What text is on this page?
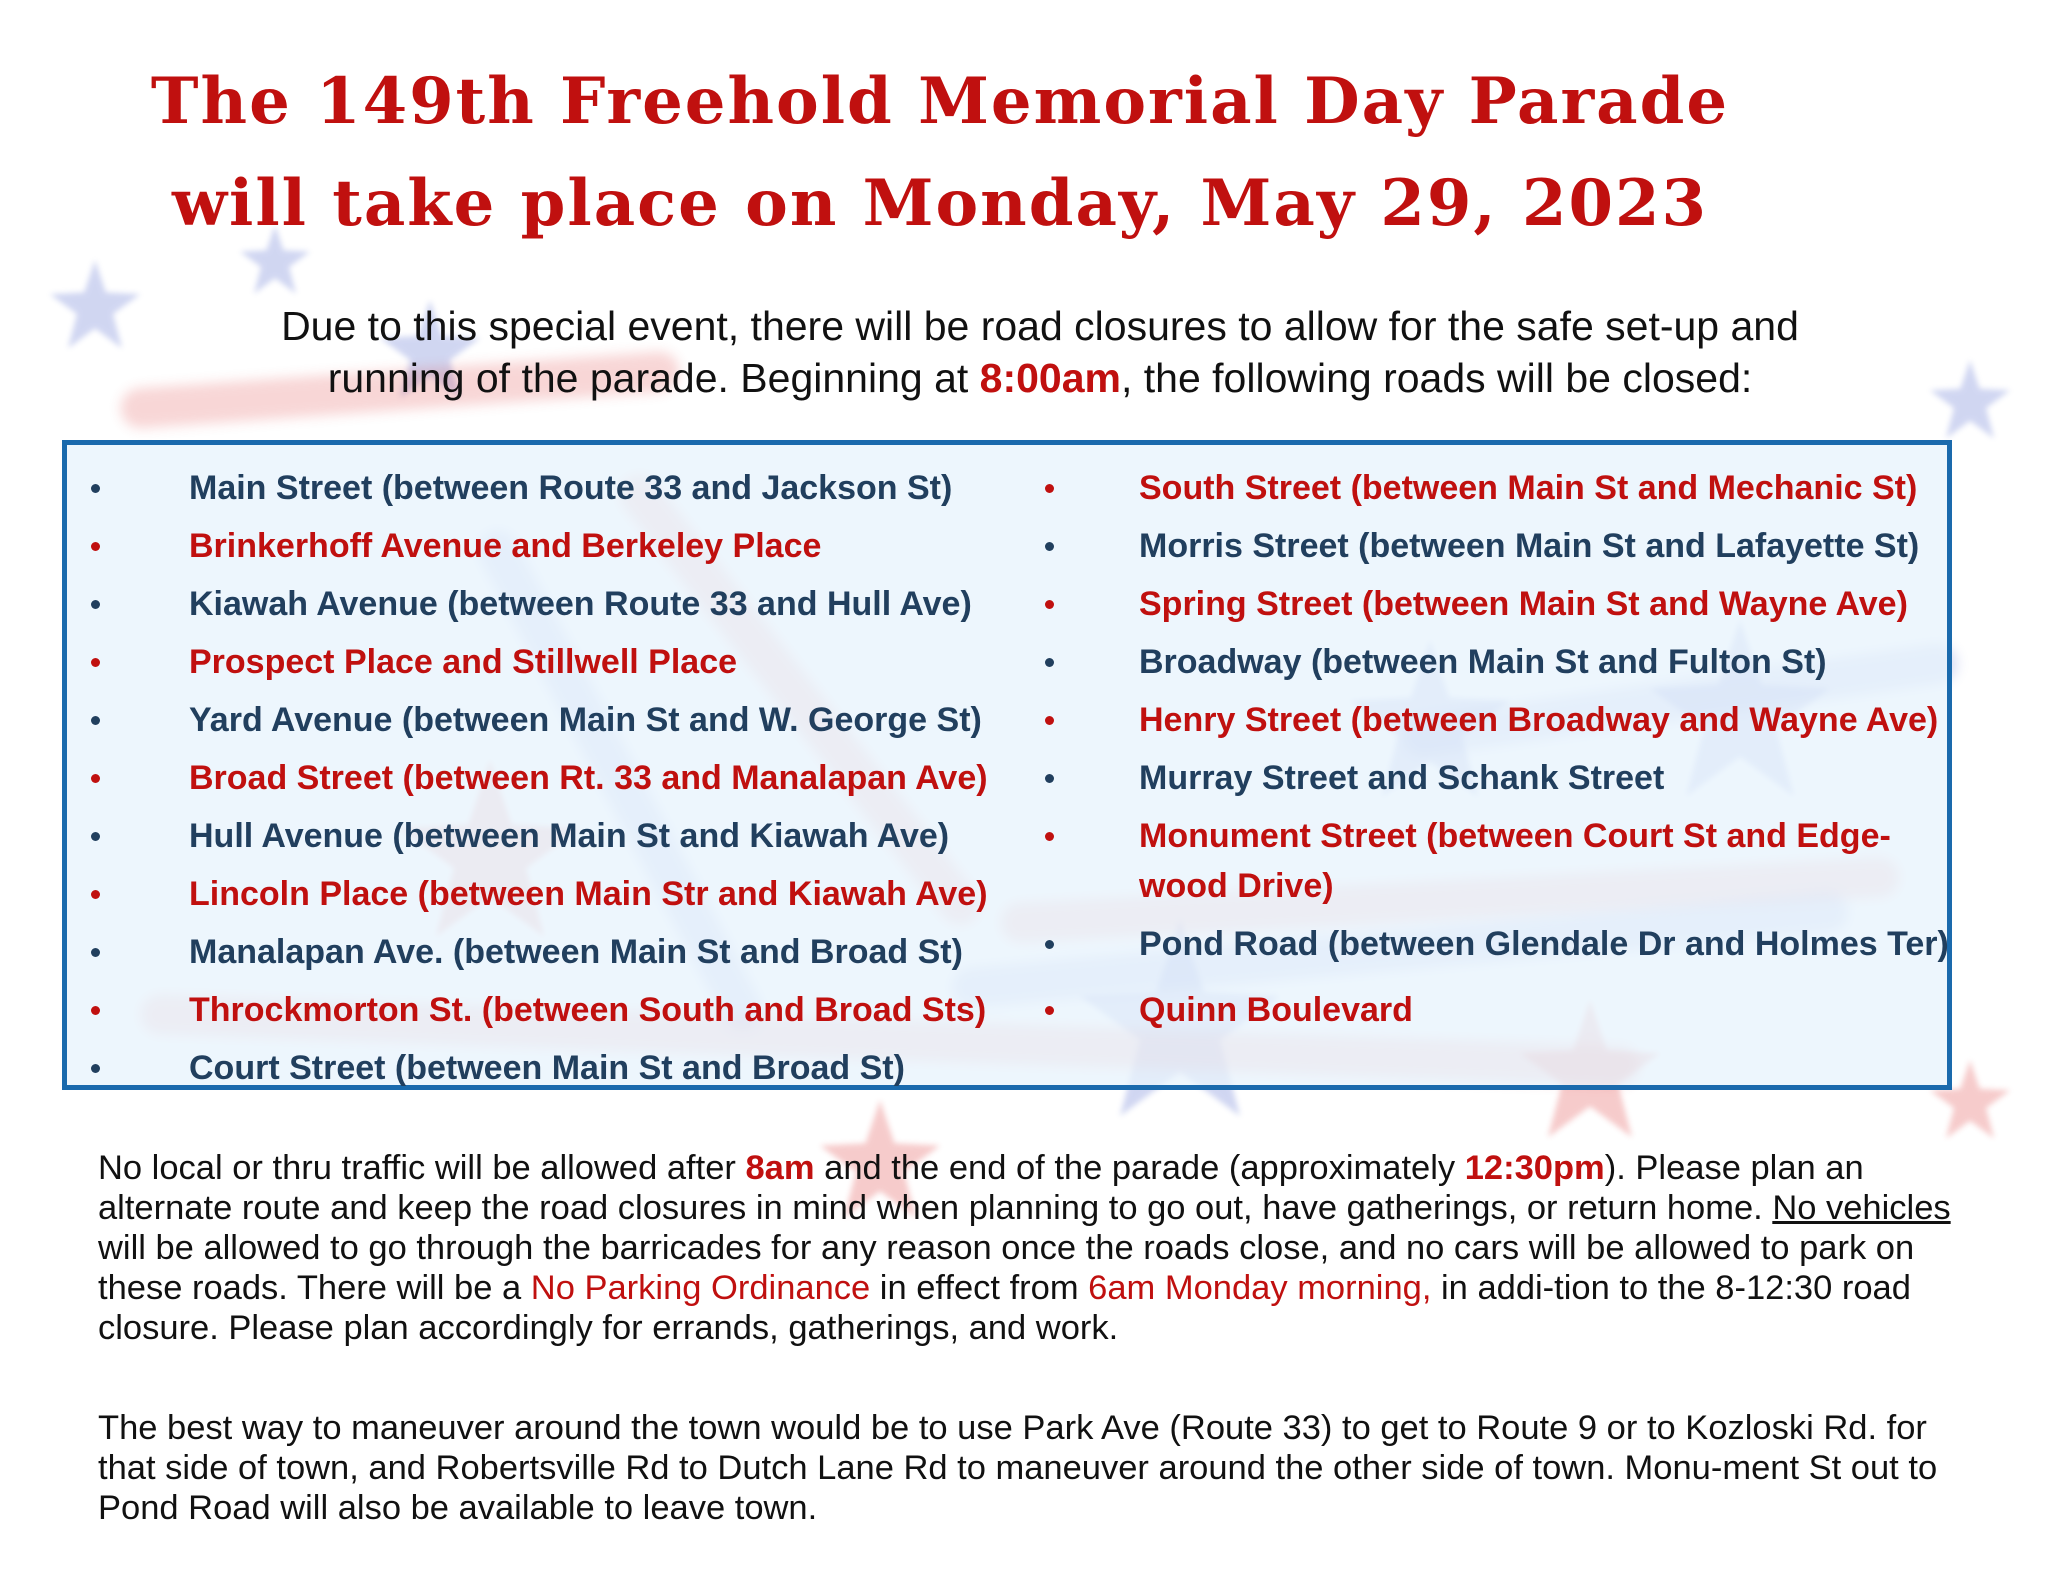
The 149th Freehold Memorial Day Parade
will take place on Monday, May 29, 2023
Due to this special event, there will be road closures to allow for the safe set-up and
running of the parade. Beginning at 8:00am, the following roads will be closed:
Main Street (between Route 33 and Jackson St)
Brinkerhoff Avenue and Berkeley Place
Kiawah Avenue (between Route 33 and Hull Ave)
Prospect Place and Stillwell Place
Yard Avenue (between Main St and W. George St)
Broad Street (between Rt. 33 and Manalapan Ave)
Hull Avenue (between Main St and Kiawah Ave)
Lincoln Place (between Main Str and Kiawah Ave)
Manalapan Ave. (between Main St and Broad St)
Throckmorton St. (between South and Broad Sts)
Court Street (between Main St and Broad St)
South Street (between Main St and Mechanic St)
Morris Street (between Main St and Lafayette St)
Spring Street (between Main St and Wayne Ave)
Broadway (between Main St and Fulton St)
Henry Street (between Broadway and Wayne Ave)
Murray Street and Schank Street
Monument Street (between Court St and Edge- wood Drive)
Pond Road (between Glendale Dr and Holmes Ter)
Quinn Boulevard
No local or thru traffic will be allowed after 8am and the end of the parade (approximately 12:30pm). Please plan an alternate route and keep the road closures in mind when planning to go out, have gatherings, or return home. No vehicles will be allowed to go through the barricades for any reason once the roads close, and no cars will be allowed to park on these roads. There will be a No Parking Ordinance in effect from 6am Monday morning, in addi-tion to the 8-12:30 road closure. Please plan accordingly for errands, gatherings, and work.
The best way to maneuver around the town would be to use Park Ave (Route 33) to get to Route 9 or to Kozloski Rd. for that side of town, and Robertsville Rd to Dutch Lane Rd to maneuver around the other side of town. Monu-ment St out to Pond Road will also be available to leave town.
